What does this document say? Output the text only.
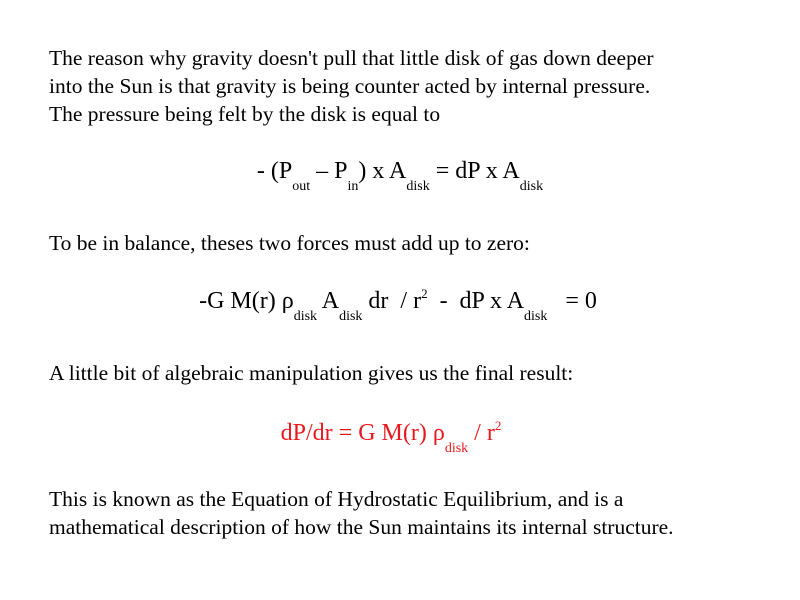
The reason why gravity doesn't pull that little disk of gas down deeper
into the Sun is that gravity is being counter acted by internal pressure.
The pressure being felt by the disk is equal to
- $(P_{out} - P_{in})$ x $A_{disk}$ = dP x $A_{disk}$
To be in balance, theses two forces must add up to zero:
-G M(r) $\rho_{disk}$ $A_{disk}$ dr  / $r^2$  -  dP x $A_{disk} = 0$
A little bit of algebraic manipulation gives us the final result:
dP/dr = G M(r) $\rho_{disk} / r^2$
This is known as the Equation of Hydrostatic Equilibrium, and is a
mathematical description of how the Sun maintains its internal structure.
